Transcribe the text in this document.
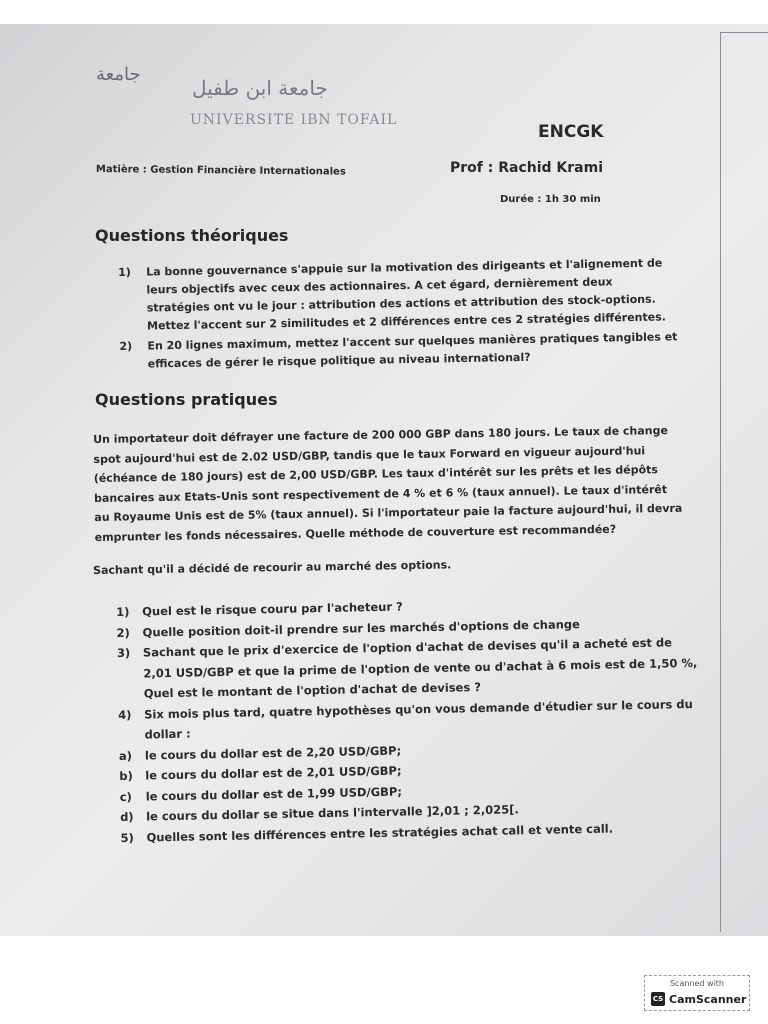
جامعة
جامعة ابن طفيل
UNIVERSITE IBN TOFAIL
ENCGK
Matière : Gestion Financière Internationales	Prof : Rachid Krami
Durée : 1h 30 min
Questions théoriques
1) La bonne gouvernance s'appuie sur la motivation des dirigeants et l'alignement de leurs objectifs avec ceux des actionnaires. A cet égard, dernièrement deux stratégies ont vu le jour : attribution des actions et attribution des stock-options. Mettez l'accent sur 2 similitudes et 2 différences entre ces 2 stratégies différentes.
2) En 20 lignes maximum, mettez l'accent sur quelques manières pratiques tangibles et efficaces de gérer le risque politique au niveau international?
Questions pratiques

Un importateur doit défrayer une facture de 200 000 GBP dans 180 jours. Le taux de change spot aujourd'hui est de 2.02 USD/GBP, tandis que le taux Forward en vigueur aujourd'hui (échéance de 180 jours) est de 2,00 USD/GBP. Les taux d'intérêt sur les prêts et les dépôts bancaires aux Etats-Unis sont respectivement de 4 % et 6 % (taux annuel). Le taux d'intérêt au Royaume Unis est de 5% (taux annuel). Si l'importateur paie la facture aujourd'hui, il devra emprunter les fonds nécessaires. Quelle méthode de couverture est recommandée?

Sachant qu'il a décidé de recourir au marché des options.

1) Quel est le risque couru par l'acheteur ?
2) Quelle position doit-il prendre sur les marchés d'options de change
3) Sachant que le prix d'exercice de l'option d'achat de devises qu'il a acheté est de 2,01 USD/GBP et que la prime de l'option de vente ou d'achat à 6 mois est de 1,50 %, Quel est le montant de l'option d'achat de devises ?
4) Six mois plus tard, quatre hypothèses qu'on vous demande d'étudier sur le cours du dollar :
a) le cours du dollar est de 2,20 USD/GBP;
b) le cours du dollar est de 2,01 USD/GBP;
c) le cours du dollar est de 1,99 USD/GBP;
d) le cours du dollar se situe dans l'intervalle ]2,01 ; 2,025[.
5) Quelles sont les différences entre les stratégies achat call et vente call.
Scanned with
CS CamScanner
